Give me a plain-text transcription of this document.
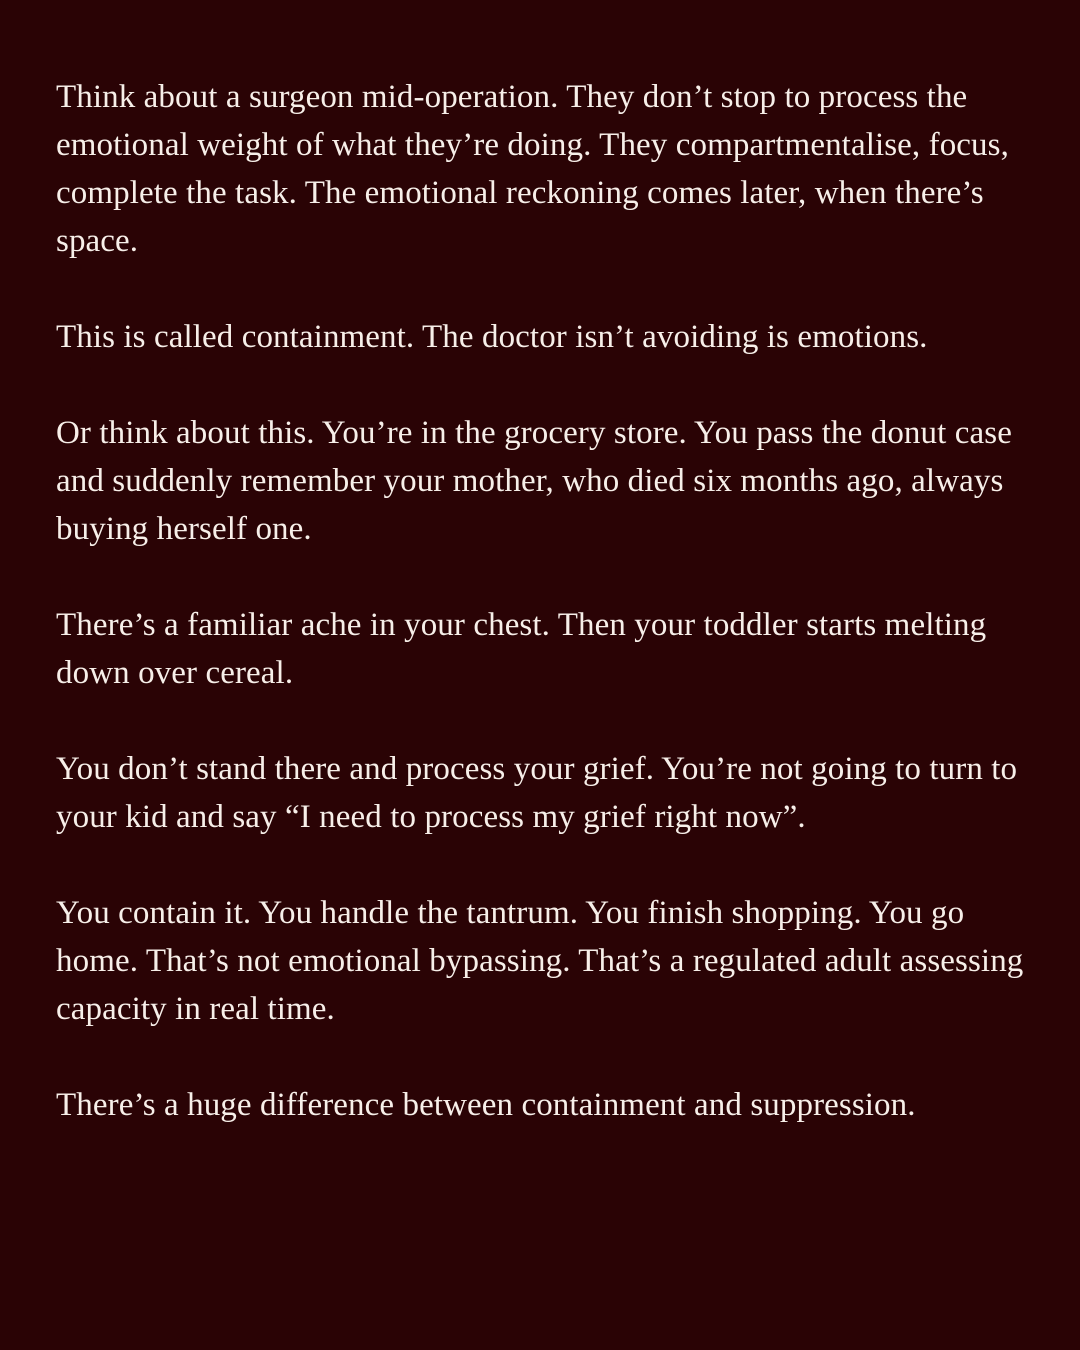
Think about a surgeon mid-operation. They don’t stop to process the emotional weight of what they’re doing. They compartmentalise, focus, complete the task. The emotional reckoning comes later, when there’s space.

This is called containment. The doctor isn’t avoiding is emotions.

Or think about this. You’re in the grocery store. You pass the donut case and suddenly remember your mother, who died six months ago, always buying herself one.

There’s a familiar ache in your chest. Then your toddler starts melting down over cereal.

You don’t stand there and process your grief. You’re not going to turn to your kid and say “I need to process my grief right now”.

You contain it. You handle the tantrum. You finish shopping. You go home. That’s not emotional bypassing. That’s a regulated adult assessing capacity in real time.

There’s a huge difference between containment and suppression.
